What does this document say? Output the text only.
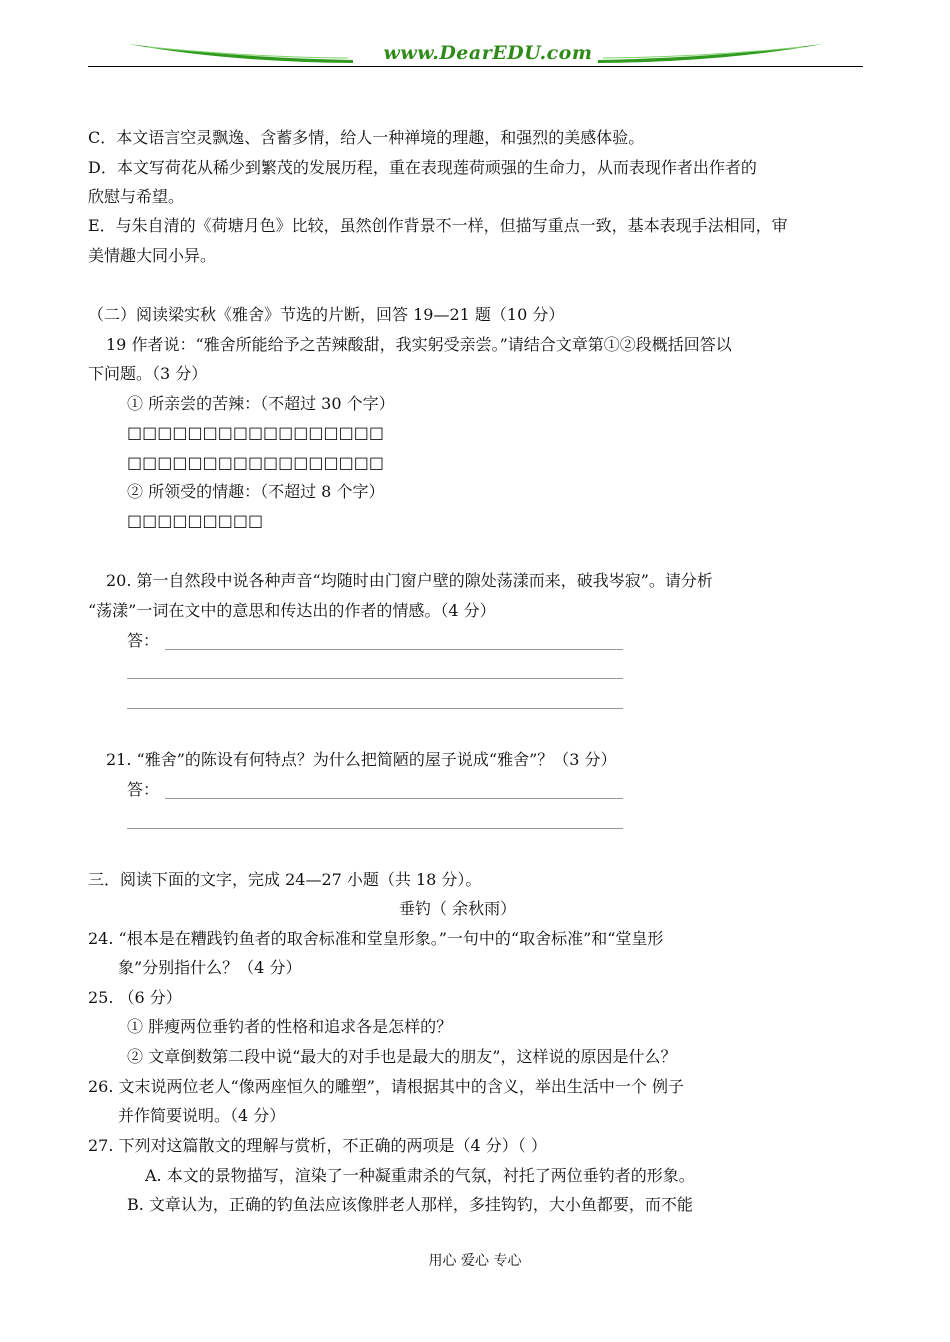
www.DearEDU.com
C．本文语言空灵飘逸、含蓄多情，给人一种禅境的理趣，和强烈的美感体验。
D．本文写荷花从稀少到繁茂的发展历程，重在表现莲荷顽强的生命力，从而表现作者出作者的
欣慰与希望。
E．与朱自清的《荷塘月色》比较，虽然创作背景不一样，但描写重点一致，基本表现手法相同，审
美情趣大同小异。
（二）阅读梁实秋《雅舍》节选的片断，回答 19—21 题（10 分）
19 作者说：“雅舍所能给予之苦辣酸甜，我实躬受亲尝。”请结合文章第①②段概括回答以
下问题。（3 分）
① 所亲尝的苦辣：（不超过 30 个字）
□□□□□□□□□□□□□□□□□
□□□□□□□□□□□□□□□□□
② 所领受的情趣：（不超过 8 个字）
□□□□□□□□□
20. 第一自然段中说各种声音“均随时由门窗户壁的隙处荡漾而来，破我岑寂”。请分析
“荡漾”一词在文中的意思和传达出的作者的情感。（4 分）
答：
21. “雅舍”的陈设有何特点？为什么把简陋的屋子说成“雅舍”？（3 分）
答：
三．阅读下面的文字，完成 24—27 小题（共 18 分）。
垂钓（ 余秋雨）
24. “根本是在糟践钓鱼者的取舍标准和堂皇形象。”一句中的“取舍标准”和“堂皇形
象”分别指什么？（4 分）
25. （6 分）
① 胖瘦两位垂钓者的性格和追求各是怎样的？
② 文章倒数第二段中说“最大的对手也是最大的朋友”，这样说的原因是什么？
26. 文末说两位老人“像两座恒久的雕塑”，请根据其中的含义，举出生活中一个 例子
并作简要说明。（4 分）
27. 下列对这篇散文的理解与赏析，不正确的两项是（4 分）（ ）
A. 本文的景物描写，渲染了一种凝重肃杀的气氛，衬托了两位垂钓者的形象。
B. 文章认为，正确的钓鱼法应该像胖老人那样，多挂钩钓，大小鱼都要，而不能
用心 爱心 专心
